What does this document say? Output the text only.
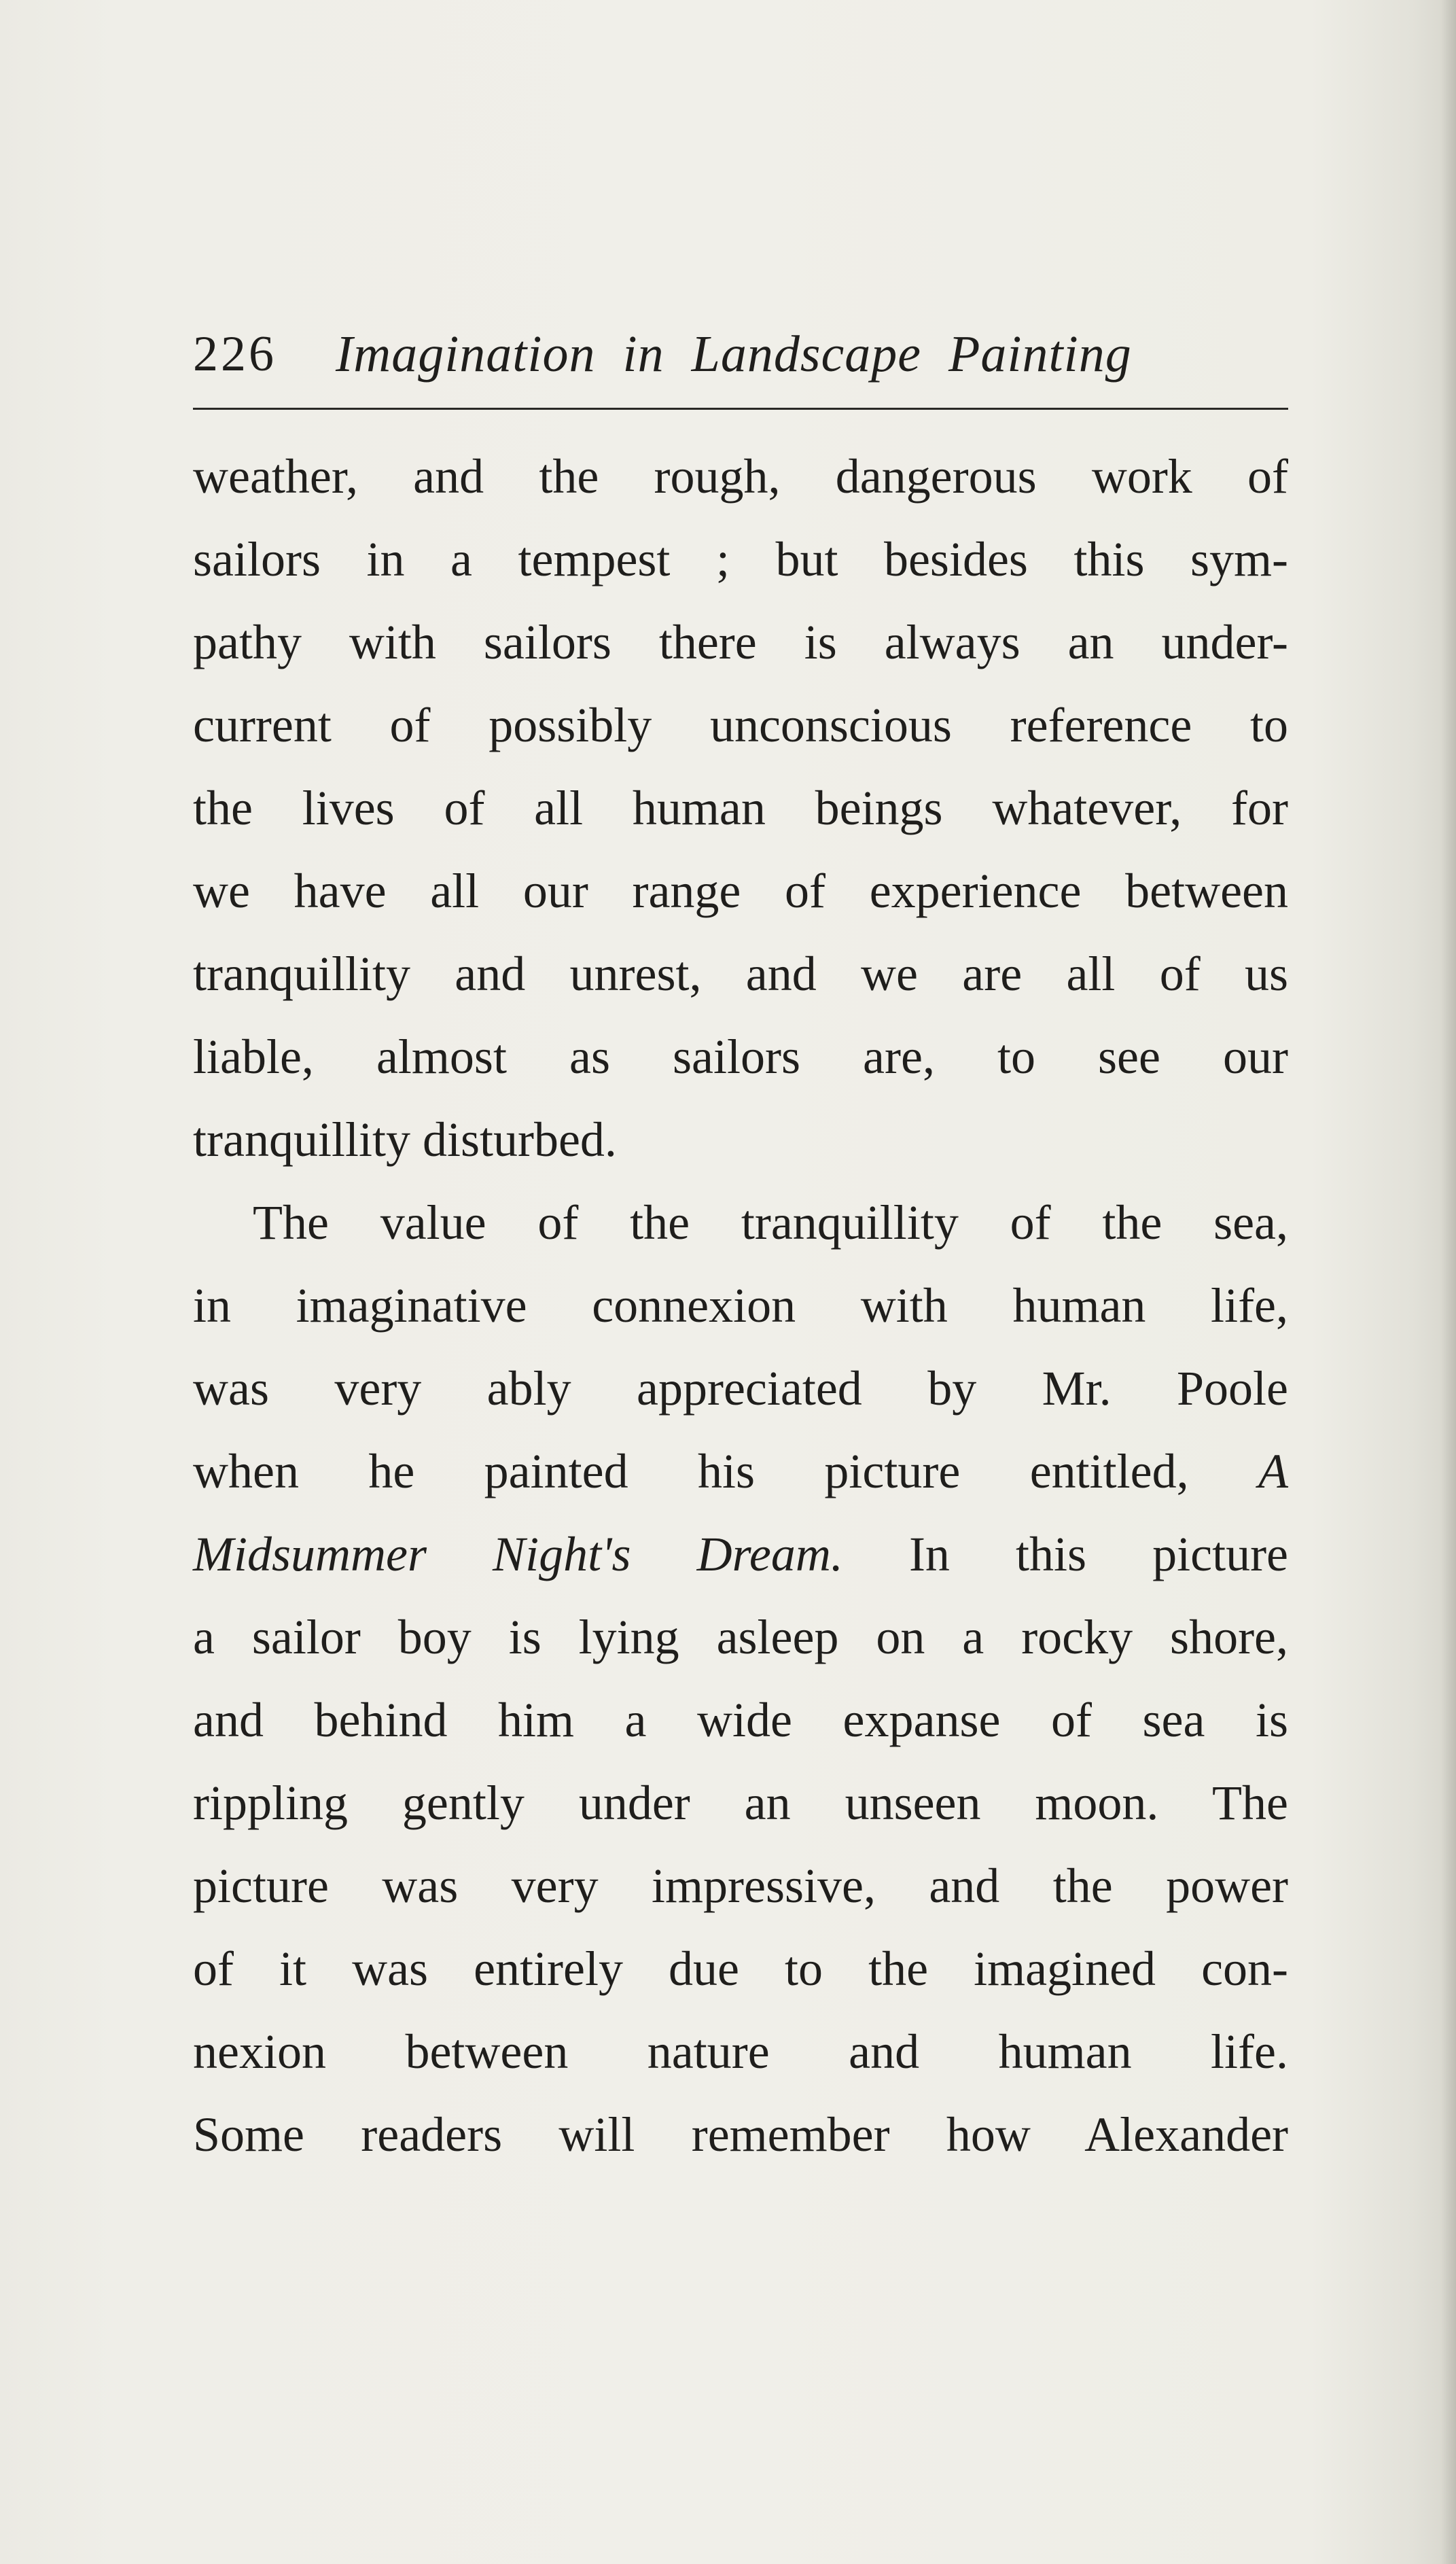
226 Imagination in Landscape Painting
weather, and the rough, dangerous work of
sailors in a tempest ; but besides this sym-
pathy with sailors there is always an under-
current of possibly unconscious reference to
the lives of all human beings whatever, for
we have all our range of experience between
tranquillity and unrest, and we are all of us
liable, almost as sailors are, to see our
tranquillity disturbed.
The value of the tranquillity of the sea,
in imaginative connexion with human life,
was very ably appreciated by Mr. Poole
when he painted his picture entitled, A
Midsummer Night's Dream. In this picture
a sailor boy is lying asleep on a rocky shore,
and behind him a wide expanse of sea is
rippling gently under an unseen moon. The
picture was very impressive, and the power
of it was entirely due to the imagined con-
nexion between nature and human life.
Some readers will remember how Alexander
